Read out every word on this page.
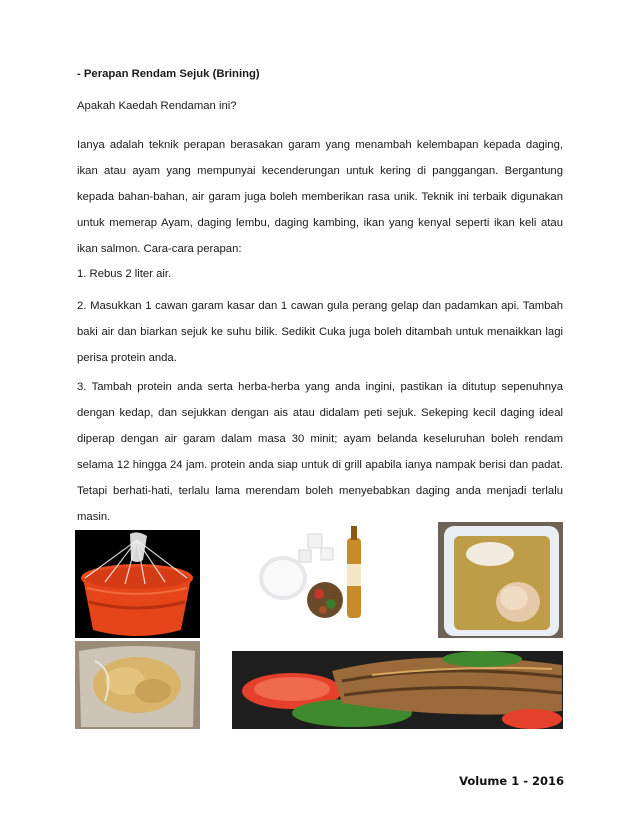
- Perapan Rendam Sejuk (Brining)
Apakah Kaedah Rendaman ini?

Ianya adalah teknik perapan berasakan garam yang menambah kelembapan kepada daging, ikan atau ayam yang mempunyai kecenderungan untuk kering di panggangan. Bergantung kepada bahan-bahan, air garam juga boleh memberikan rasa unik. Teknik ini terbaik digunakan untuk memerap Ayam, daging lembu, daging kambing, ikan yang kenyal seperti ikan keli atau ikan salmon. Cara-cara perapan:

1. Rebus 2 liter air.

2. Masukkan 1 cawan garam kasar dan 1 cawan gula perang gelap dan padamkan api. Tambah baki air dan biarkan sejuk ke suhu bilik. Sedikit Cuka juga boleh ditambah untuk menaikkan lagi perisa protein anda.

3. Tambah protein anda serta herba-herba yang anda ingini, pastikan ia ditutup sepenuhnya dengan kedap, dan sejukkan dengan ais atau didalam peti sejuk. Sekeping kecil daging ideal diperap dengan air garam dalam masa 30 minit; ayam belanda keseluruhan boleh rendam selama 12 hingga 24 jam. protein anda siap untuk di grill apabila ianya nampak berisi dan padat. Tetapi berhati-hati, terlalu lama merendam boleh menyebabkan daging anda menjadi terlalu masin.

Volume 1 - 2016
